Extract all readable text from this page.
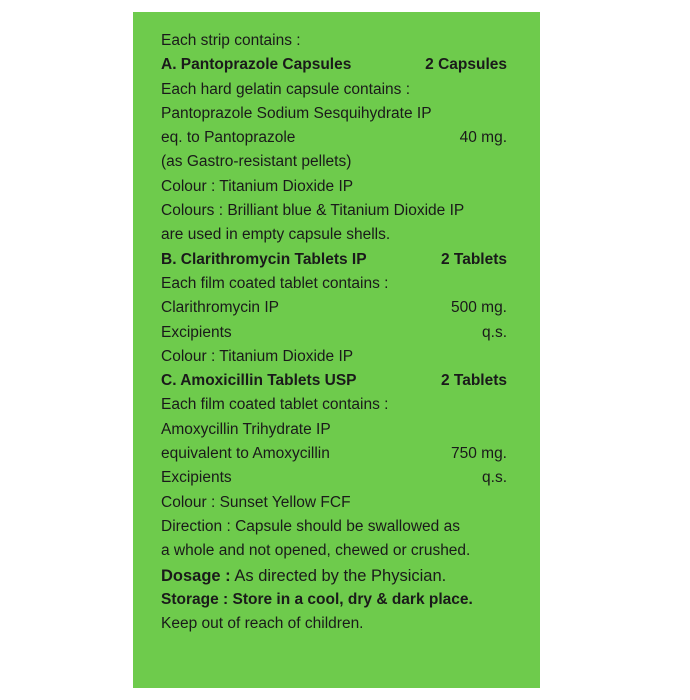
Each strip contains :
A. Pantoprazole Capsules	2 Capsules
Each hard gelatin capsule contains :
Pantoprazole Sodium Sesquihydrate IP
eq. to Pantoprazole	40 mg.
(as Gastro-resistant pellets)
Colour : Titanium Dioxide IP
Colours : Brilliant blue & Titanium Dioxide IP
are used in empty capsule shells.
B. Clarithromycin Tablets IP	2 Tablets
Each film coated tablet contains :
Clarithromycin IP	500 mg.
Excipients	q.s.
Colour : Titanium Dioxide IP
C. Amoxicillin Tablets USP	2 Tablets
Each film coated tablet contains :
Amoxycillin Trihydrate IP
equivalent to Amoxycillin	750 mg.
Excipients	q.s.
Colour : Sunset Yellow FCF
Direction : Capsule should be swallowed as
a whole and not opened, chewed or crushed.
Dosage : As directed by the Physician.
Storage : Store in a cool, dry & dark place.
Keep out of reach of children.
